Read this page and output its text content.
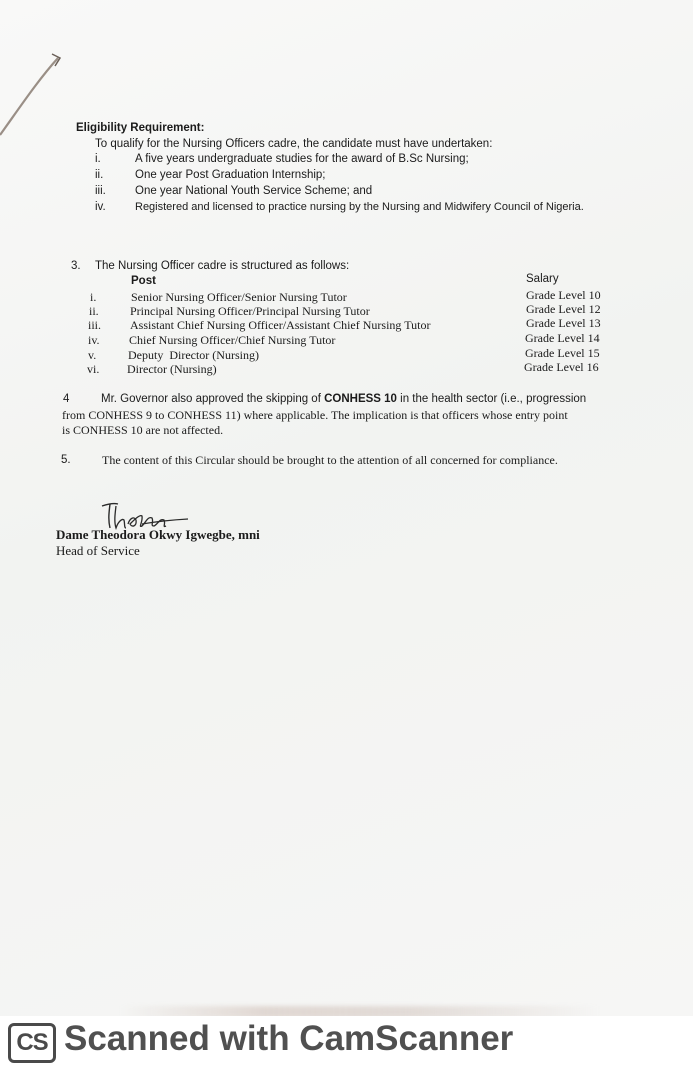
Eligibility Requirement:
To qualify for the Nursing Officers cadre, the candidate must have undertaken:
i.	A five years undergraduate studies for the award of B.Sc Nursing;
ii.	One year Post Graduation Internship;
iii.	One year National Youth Service Scheme; and
iv.	Registered and licensed to practice nursing by the Nursing and Midwifery Council of Nigeria.
3. The Nursing Officer cadre is structured as follows:
Post	Salary
i.	Senior Nursing Officer/Senior Nursing Tutor	Grade Level 10
ii.	Principal Nursing Officer/Principal Nursing Tutor	Grade Level 12
iii. Assistant Chief Nursing Officer/Assistant Chief Nursing Tutor	Grade Level 13
iv. Chief Nursing Officer/Chief Nursing Tutor	Grade Level 14
v.	Deputy  Director (Nursing)	Grade Level 15
vi. Director (Nursing)	Grade Level 16
4	Mr. Governor also approved the skipping of CONHESS 10 in the health sector (i.e., progression
from CONHESS 9 to CONHESS 11) where applicable. The implication is that officers whose entry point
is CONHESS 10 are not affected.
5.	The content of this Circular should be brought to the attention of all concerned for compliance.
Dame Theodora Okwy Igwegbe, mni
Head of Service
CS Scanned with CamScanner
